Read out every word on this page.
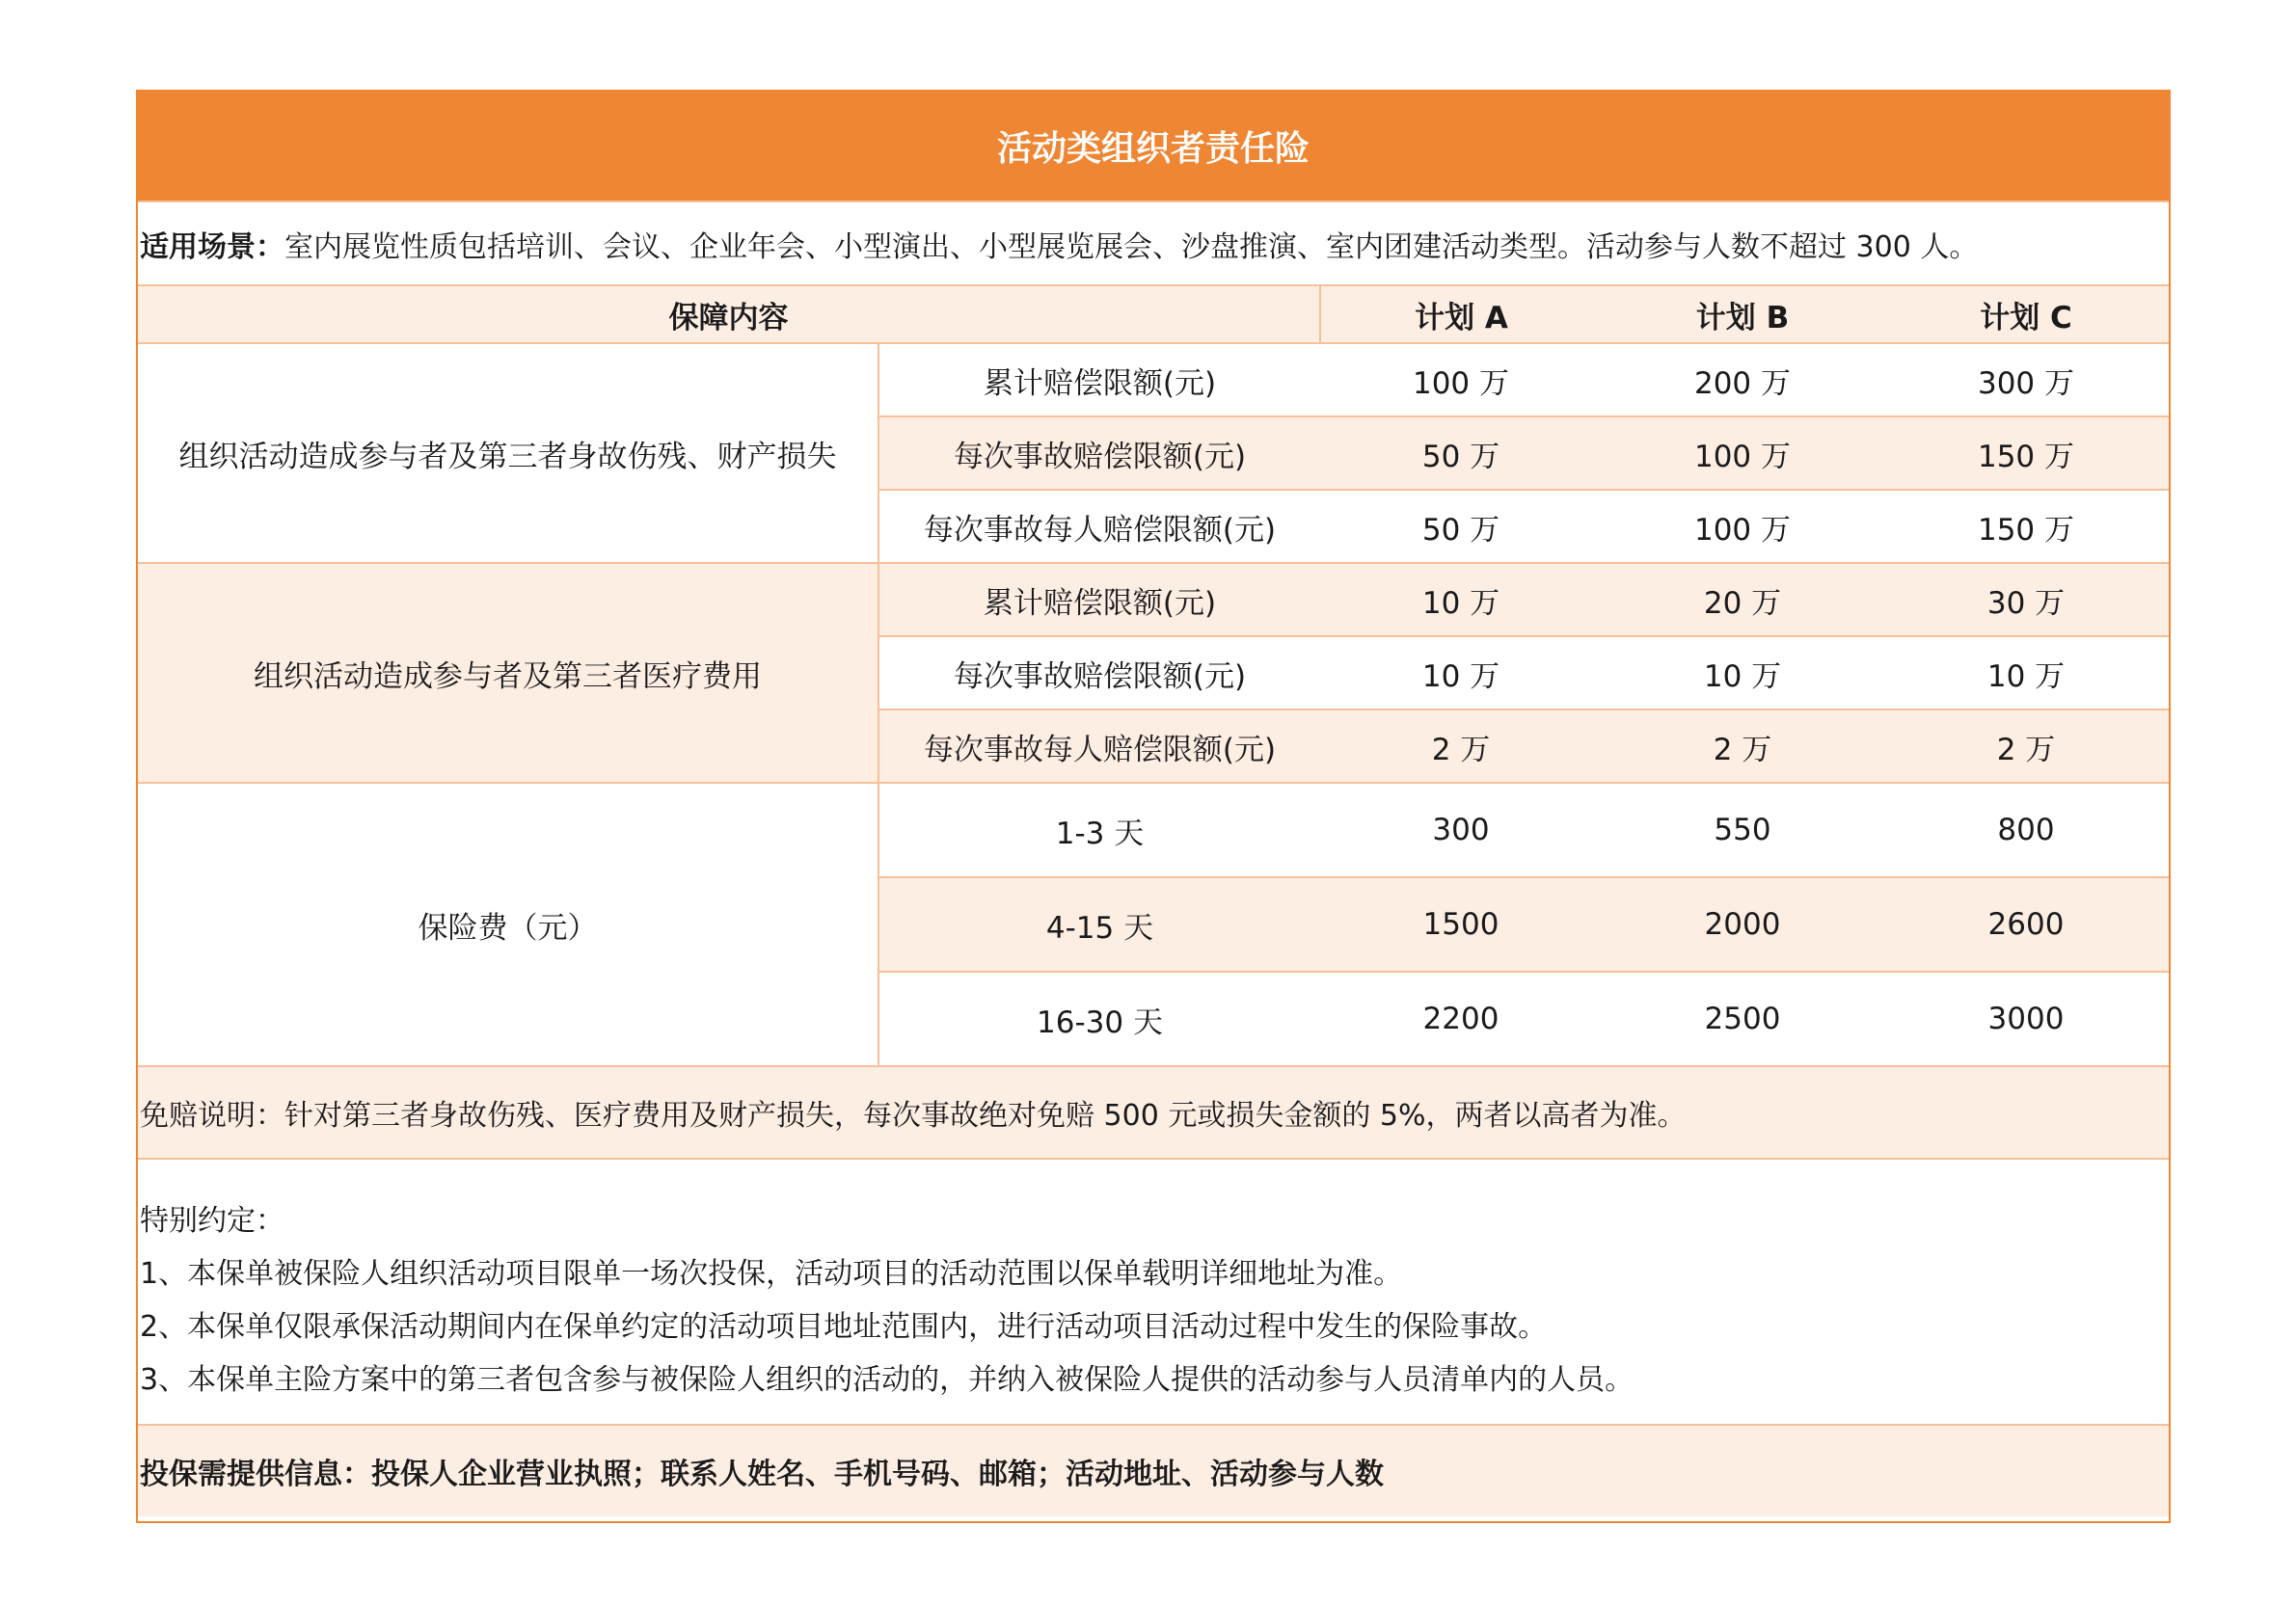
活动类组织者责任险
适用场景： 室内展览性质包括培训、会议、企业年会、小型演出、小型展览展会、沙盘推演、室内团建活动类型。活动参与人数不超过 300 人。
保障内容		计划 A	计划 B	计划 C
组织活动造成参与者及第三者身故伤残、财产损失	累计赔偿限额(元)	100 万	200 万	300 万
	每次事故赔偿限额(元)	50 万	100 万	150 万
	每次事故每人赔偿限额(元)	50 万	100 万	150 万
组织活动造成参与者及第三者医疗费用	累计赔偿限额(元)	10 万	20 万	30 万
	每次事故赔偿限额(元)	10 万	10 万	10 万
	每次事故每人赔偿限额(元)	2 万	2 万	2 万
保险费（元）	1-3 天	300	550	800
	4-15 天	1500	2000	2600
	16-30 天	2200	2500	3000
免赔说明：针对第三者身故伤残、医疗费用及财产损失，每次事故绝对免赔 500 元或损失金额的 5%，两者以高者为准。
特别约定：
1、本保单被保险人组织活动项目限单一场次投保，活动项目的活动范围以保单载明详细地址为准。
2、本保单仅限承保活动期间内在保单约定的活动项目地址范围内，进行活动项目活动过程中发生的保险事故。
3、本保单主险方案中的第三者包含参与被保险人组织的活动的，并纳入被保险人提供的活动参与人员清单内的人员。
投保需提供信息：投保人企业营业执照；联系人姓名、手机号码、邮箱；活动地址、活动参与人数
